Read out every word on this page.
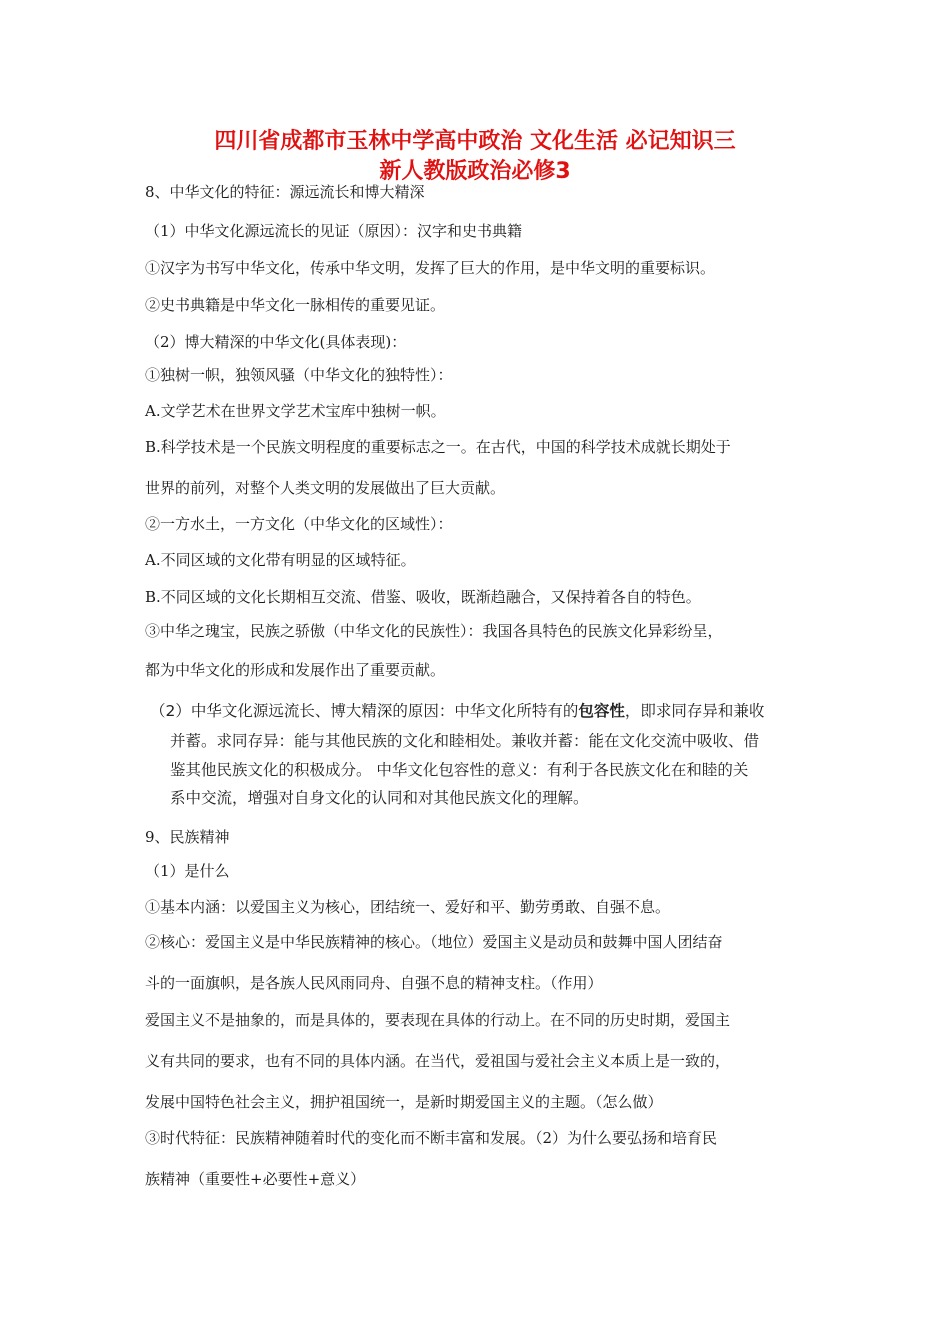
四川省成都市玉林中学高中政治 文化生活 必记知识三
新人教版政治必修3
8、中华文化的特征：源远流长和博大精深
（1）中华文化源远流长的见证（原因）：汉字和史书典籍
①汉字为书写中华文化，传承中华文明，发挥了巨大的作用，是中华文明的重要标识。
②史书典籍是中华文化一脉相传的重要见证。
（2）博大精深的中华文化(具体表现)：
①独树一帜，独领风骚（中华文化的独特性）：
A.文学艺术在世界文学艺术宝库中独树一帜。
B.科学技术是一个民族文明程度的重要标志之一。在古代，中国的科学技术成就长期处于
世界的前列，对整个人类文明的发展做出了巨大贡献。
②一方水土，一方文化（中华文化的区域性）：
A.不同区域的文化带有明显的区域特征。
B.不同区域的文化长期相互交流、借鉴、吸收，既渐趋融合，又保持着各自的特色。
③中华之瑰宝，民族之骄傲（中华文化的民族性）：我国各具特色的民族文化异彩纷呈，
都为中华文化的形成和发展作出了重要贡献。
（2）中华文化源远流长、博大精深的原因：中华文化所特有的包容性，即求同存异和兼收
并蓄。求同存异：能与其他民族的文化和睦相处。兼收并蓄：能在文化交流中吸收、借
鉴其他民族文化的积极成分。 中华文化包容性的意义：有利于各民族文化在和睦的关
系中交流，增强对自身文化的认同和对其他民族文化的理解。
9、民族精神
（1）是什么
①基本内涵：以爱国主义为核心，团结统一、爱好和平、勤劳勇敢、自强不息。
②核心：爱国主义是中华民族精神的核心。（地位）爱国主义是动员和鼓舞中国人团结奋
斗的一面旗帜，是各族人民风雨同舟、自强不息的精神支柱。（作用）
爱国主义不是抽象的，而是具体的，要表现在具体的行动上。在不同的历史时期，爱国主
义有共同的要求，也有不同的具体内涵。在当代，爱祖国与爱社会主义本质上是一致的，
发展中国特色社会主义，拥护祖国统一，是新时期爱国主义的主题。（怎么做）
③时代特征：民族精神随着时代的变化而不断丰富和发展。（2）为什么要弘扬和培育民
族精神（重要性+必要性+意义）
